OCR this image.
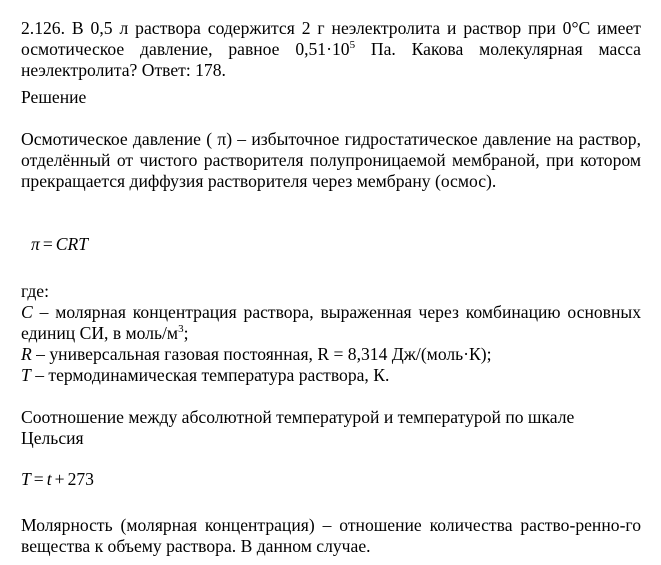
2.126. В 0,5 л раствора содержится 2 г неэлектролита и раствор при 0°С имеет осмотическое давление, равное $0,51\cdot 10^5$ Па. Какова молекулярная масса неэлектролита? Ответ: 178.

Решение

Осмотическое давление ( π) – избыточное гидростатическое давление на раствор, отделённый от чистого растворителя полупроницаемой мембраной, при котором прекращается диффузия растворителя через мембрану (осмос).

π = CRT

где:

C – молярная концентрация раствора, выраженная через комбинацию основных единиц СИ, в моль/$м^3$;
R – универсальная газовая постоянная, R = 8,314 Дж/(моль·К);
T – термодинамическая температура раствора, К.

Соотношение между абсолютной температурой и температурой по шкале Цельсия

T = t + 273

Молярность (молярная концентрация) – отношение количества раство-ренно-го вещества к объему раствора. В данном случае.
